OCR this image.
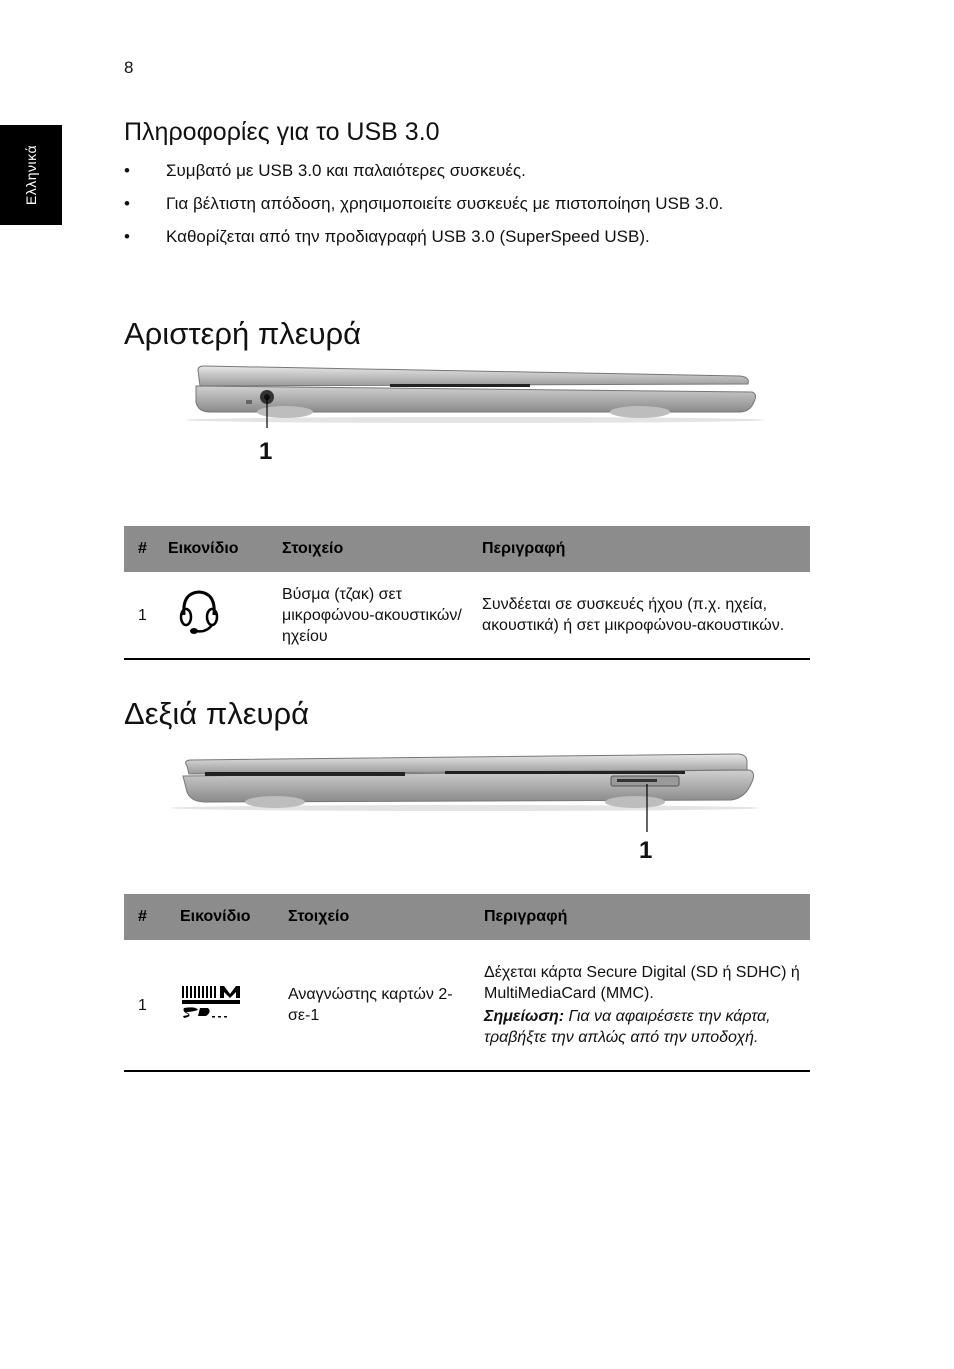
8
Ελληνικά
Πληροφορίες για το USB 3.0
• Συμβατό με USB 3.0 και παλαιότερες συσκευές.
• Για βέλτιστη απόδοση, χρησιμοποιείτε συσκευές με πιστοποίηση USB 3.0.
• Καθορίζεται από την προδιαγραφή USB 3.0 (SuperSpeed USB).
Αριστερή πλευρά
1
#	Εικονίδιο	Στοιχείο	Περιγραφή
1		Βύσμα (τζακ) σετ μικροφώνου-ακουστικών/ηχείου	Συνδέεται σε συσκευές ήχου (π.χ. ηχεία, ακουστικά) ή σετ μικροφώνου-ακουστικών.
Δεξιά πλευρά
1
#	Εικονίδιο	Στοιχείο	Περιγραφή
1		Αναγνώστης καρτών 2-σε-1	Δέχεται κάρτα Secure Digital (SD ή SDHC) ή MultiMediaCard (MMC).
Σημείωση: Για να αφαιρέσετε την κάρτα, τραβήξτε την απλώς από την υποδοχή.
